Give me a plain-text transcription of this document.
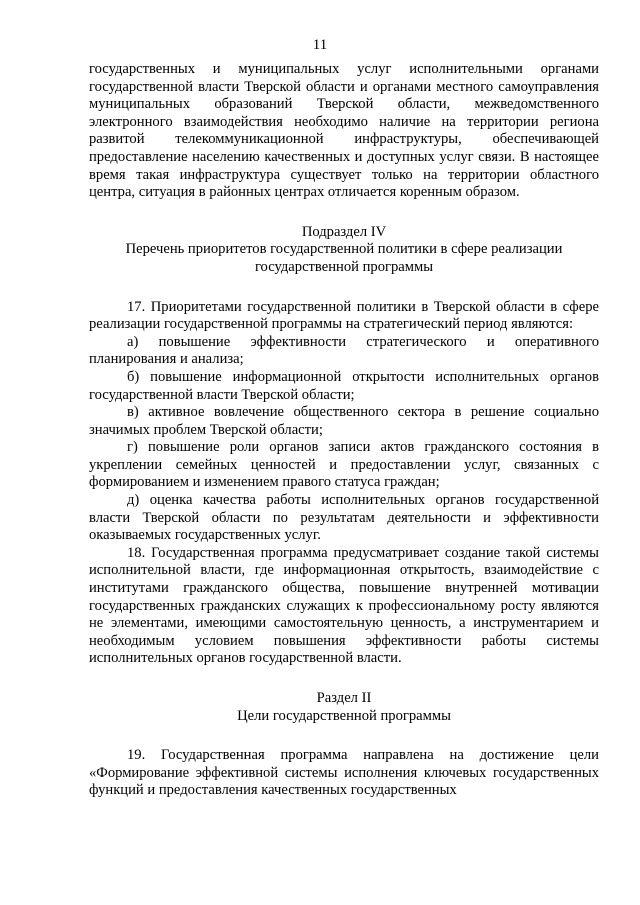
11

государственных и муниципальных услуг исполнительными органами государственной власти Тверской области и органами местного самоуправления муниципальных образований Тверской области, межведомственного электронного взаимодействия необходимо наличие на территории региона развитой телекоммуникационной инфраструктуры, обеспечивающей предоставление населению качественных и доступных услуг связи. В настоящее время такая инфраструктура существует только на территории областного центра, ситуация в районных центрах отличается коренным образом.

Подраздел IV

Перечень приоритетов государственной политики в сфере реализации государственной программы

17. Приоритетами государственной политики в Тверской области в сфере реализации государственной программы на стратегический период являются:

а) повышение эффективности стратегического и оперативного планирования и анализа;

б) повышение информационной открытости исполнительных органов государственной власти Тверской области;

в) активное вовлечение общественного сектора в решение социально значимых проблем Тверской области;

г) повышение роли органов записи актов гражданского состояния в укреплении семейных ценностей и предоставлении услуг, связанных с формированием и изменением правого статуса граждан;

д) оценка качества работы исполнительных органов государственной власти Тверской области по результатам деятельности и эффективности оказываемых государственных услуг.

18. Государственная программа предусматривает создание такой системы исполнительной власти, где информационная открытость, взаимодействие с институтами гражданского общества, повышение внутренней мотивации государственных гражданских служащих к профессиональному росту являются не элементами, имеющими самостоятельную ценность, а инструментарием и необходимым условием повышения эффективности работы системы исполнительных органов государственной власти.

Раздел II

Цели государственной программы

19. Государственная программа направлена на достижение цели «Формирование эффективной системы исполнения ключевых государственных функций и предоставления качественных государственных
